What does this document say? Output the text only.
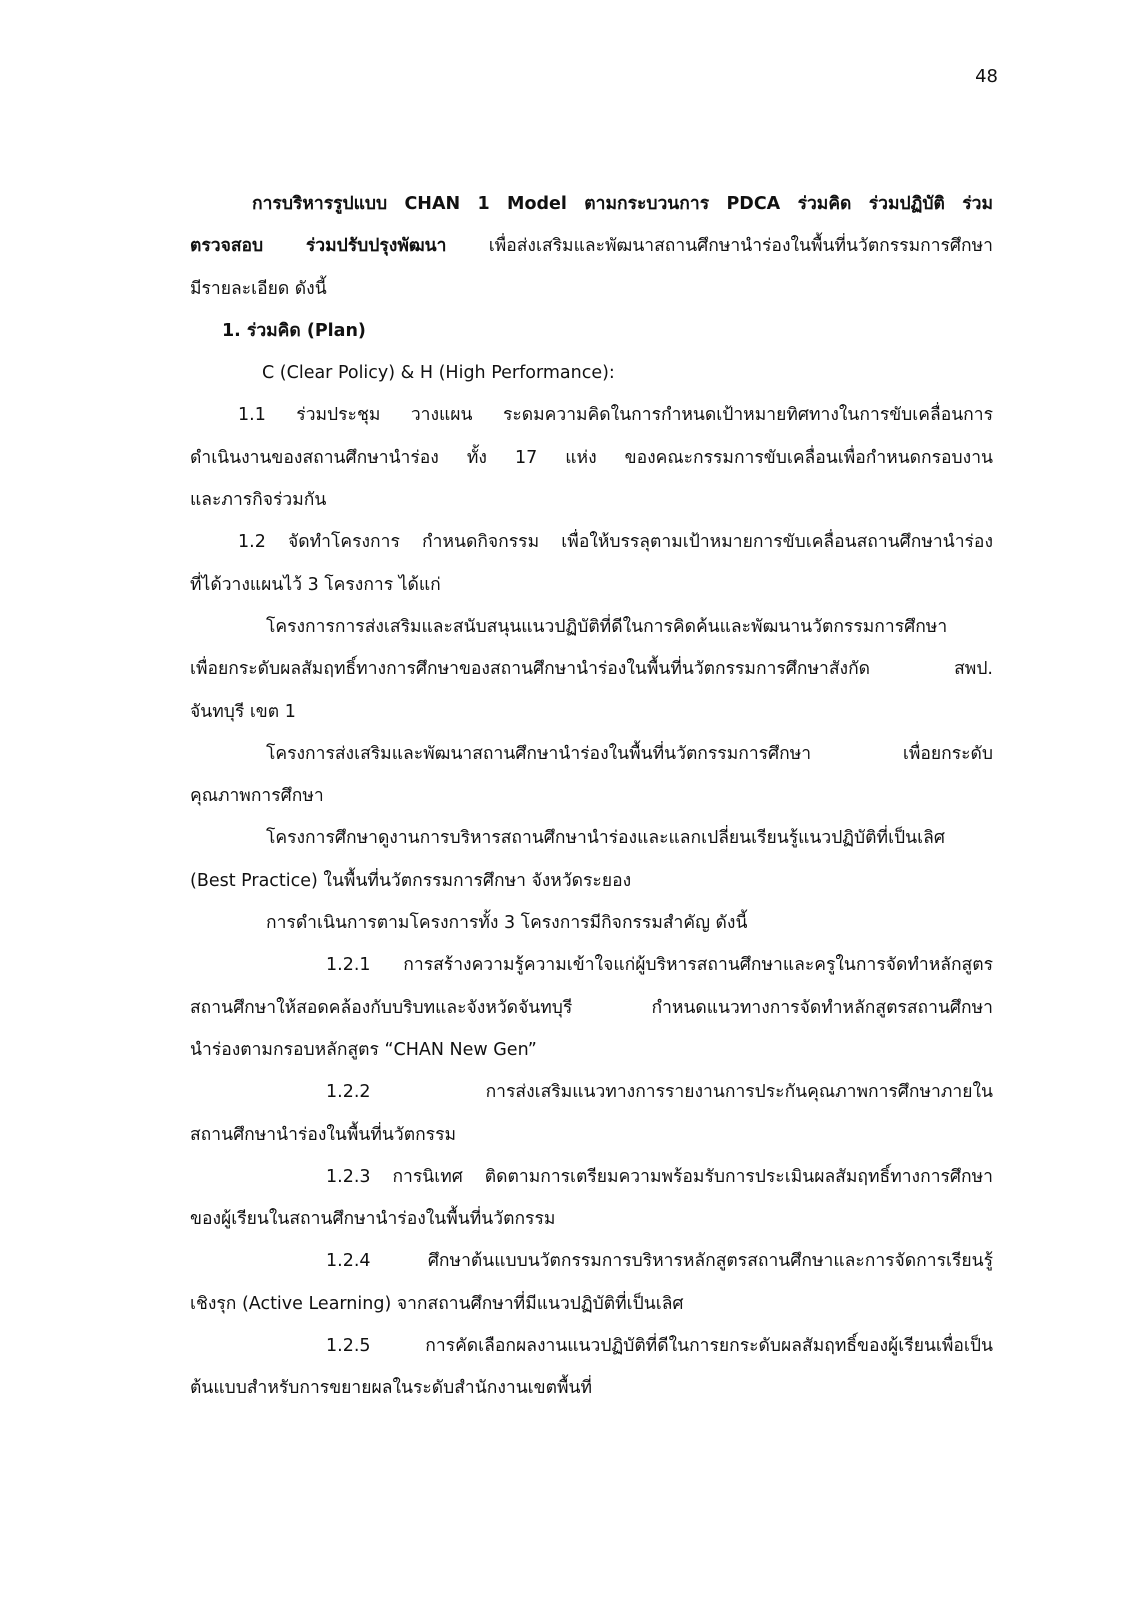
48

การบริหารรูปแบบ CHAN 1 Model ตามกระบวนการ PDCA ร่วมคิด ร่วมปฏิบัติ ร่วม

ตรวจสอบ ร่วมปรับปรุงพัฒนา เพื่อส่งเสริมและพัฒนาสถานศึกษานำร่องในพื้นที่นวัตกรรมการศึกษา

มีรายละเอียด ดังนี้

1. ร่วมคิด (Plan)

C (Clear Policy) & H (High Performance):

1.1 ร่วมประชุม วางแผน ระดมความคิดในการกำหนดเป้าหมายทิศทางในการขับเคลื่อนการ

ดำเนินงานของสถานศึกษานำร่อง ทั้ง 17 แห่ง ของคณะกรรมการขับเคลื่อนเพื่อกำหนดกรอบงาน

และภารกิจร่วมกัน

1.2 จัดทำโครงการ กำหนดกิจกรรม เพื่อให้บรรลุตามเป้าหมายการขับเคลื่อนสถานศึกษานำร่อง

ที่ได้วางแผนไว้ 3 โครงการ ได้แก่

โครงการการส่งเสริมและสนับสนุนแนวปฏิบัติที่ดีในการคิดค้นและพัฒนานวัตกรรมการศึกษา

เพื่อยกระดับผลสัมฤทธิ์ทางการศึกษาของสถานศึกษานำร่องในพื้นที่นวัตกรรมการศึกษาสังกัด สพป.

จันทบุรี เขต 1

โครงการส่งเสริมและพัฒนาสถานศึกษานำร่องในพื้นที่นวัตกรรมการศึกษา เพื่อยกระดับ

คุณภาพการศึกษา

โครงการศึกษาดูงานการบริหารสถานศึกษานำร่องและแลกเปลี่ยนเรียนรู้แนวปฏิบัติที่เป็นเลิศ

(Best Practice) ในพื้นที่นวัตกรรมการศึกษา จังหวัดระยอง

การดำเนินการตามโครงการทั้ง 3 โครงการมีกิจกรรมสำคัญ ดังนี้

1.2.1 การสร้างความรู้ความเข้าใจแก่ผู้บริหารสถานศึกษาและครูในการจัดทำหลักสูตร

สถานศึกษาให้สอดคล้องกับบริบทและจังหวัดจันทบุรี กำหนดแนวทางการจัดทำหลักสูตรสถานศึกษา

นำร่องตามกรอบหลักสูตร “CHAN New Gen”

1.2.2 การส่งเสริมแนวทางการรายงานการประกันคุณภาพการศึกษาภายใน

สถานศึกษานำร่องในพื้นที่นวัตกรรม

1.2.3 การนิเทศ ติดตามการเตรียมความพร้อมรับการประเมินผลสัมฤทธิ์ทางการศึกษา

ของผู้เรียนในสถานศึกษานำร่องในพื้นที่นวัตกรรม

1.2.4 ศึกษาต้นแบบนวัตกรรมการบริหารหลักสูตรสถานศึกษาและการจัดการเรียนรู้

เชิงรุก (Active Learning) จากสถานศึกษาที่มีแนวปฏิบัติที่เป็นเลิศ

1.2.5 การคัดเลือกผลงานแนวปฏิบัติที่ดีในการยกระดับผลสัมฤทธิ์ของผู้เรียนเพื่อเป็น

ต้นแบบสำหรับการขยายผลในระดับสำนักงานเขตพื้นที่
